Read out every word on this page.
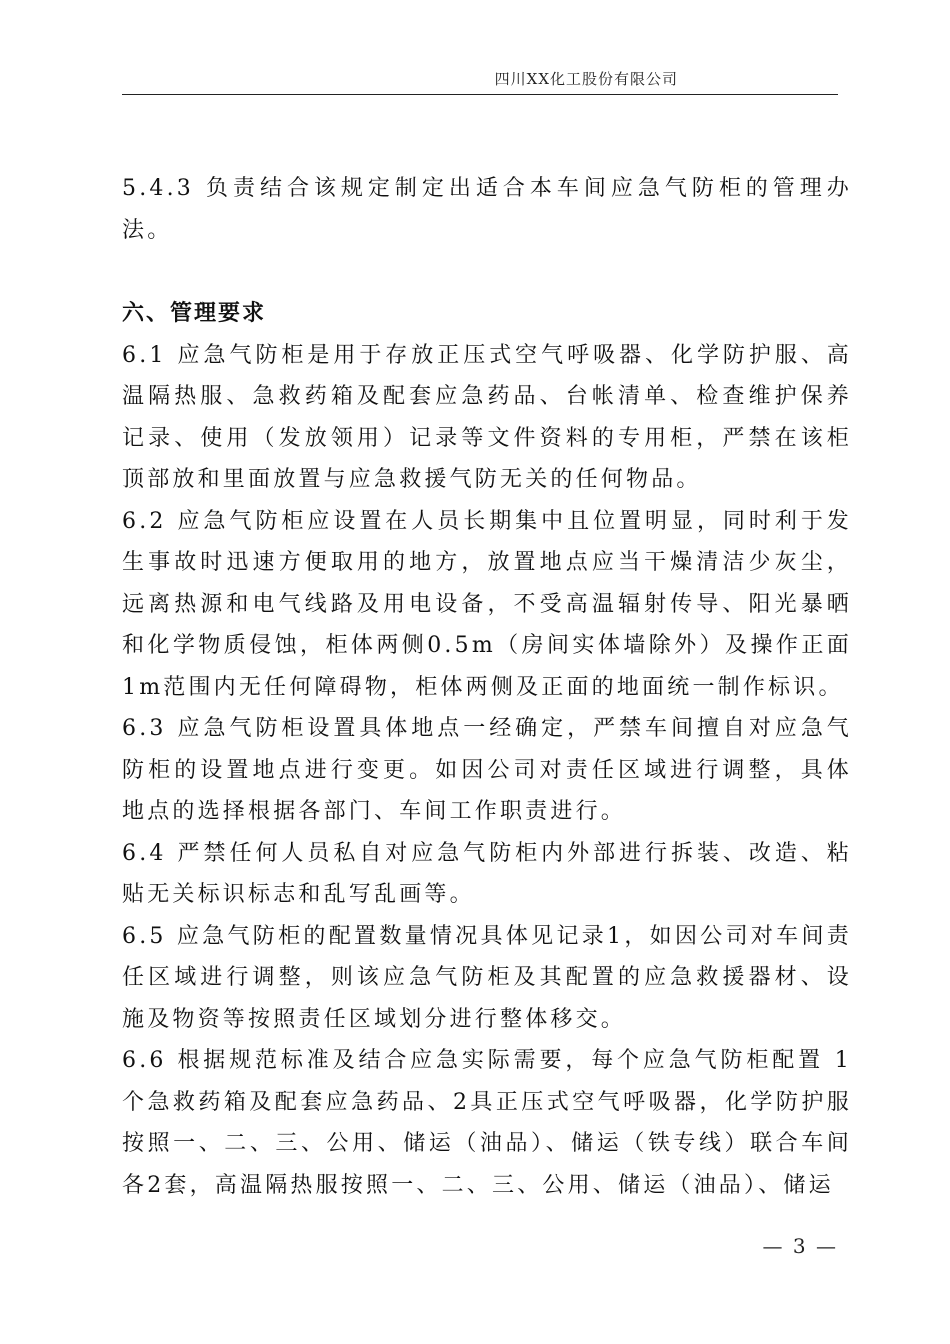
四川XX化工股份有限公司

5.4.3 负责结合该规定制定出适合本车间应急气防柜的管理办法。

六、管理要求

6.1 应急气防柜是用于存放正压式空气呼吸器、化学防护服、高温隔热服、急救药箱及配套应急药品、台帐清单、检查维护保养记录、使用（发放领用）记录等文件资料的专用柜，严禁在该柜顶部放和里面放置与应急救援气防无关的任何物品。

6.2 应急气防柜应设置在人员长期集中且位置明显，同时利于发生事故时迅速方便取用的地方，放置地点应当干燥清洁少灰尘，远离热源和电气线路及用电设备，不受高温辐射传导、阳光暴晒和化学物质侵蚀，柜体两侧0.5m（房间实体墙除外）及操作正面1m范围内无任何障碍物，柜体两侧及正面的地面统一制作标识。

6.3 应急气防柜设置具体地点一经确定，严禁车间擅自对应急气防柜的设置地点进行变更。如因公司对责任区域进行调整，具体地点的选择根据各部门、车间工作职责进行。

6.4 严禁任何人员私自对应急气防柜内外部进行拆装、改造、粘贴无关标识标志和乱写乱画等。

6.5 应急气防柜的配置数量情况具体见记录1，如因公司对车间责任区域进行调整，则该应急气防柜及其配置的应急救援器材、设施及物资等按照责任区域划分进行整体移交。

6.6 根据规范标准及结合应急实际需要，每个应急气防柜配置 1个急救药箱及配套应急药品、2具正压式空气呼吸器，化学防护服按照一、二、三、公用、储运（油品）、储运（铁专线）联合车间各2套，高温隔热服按照一、二、三、公用、储运（油品）、储运

— 3 —
